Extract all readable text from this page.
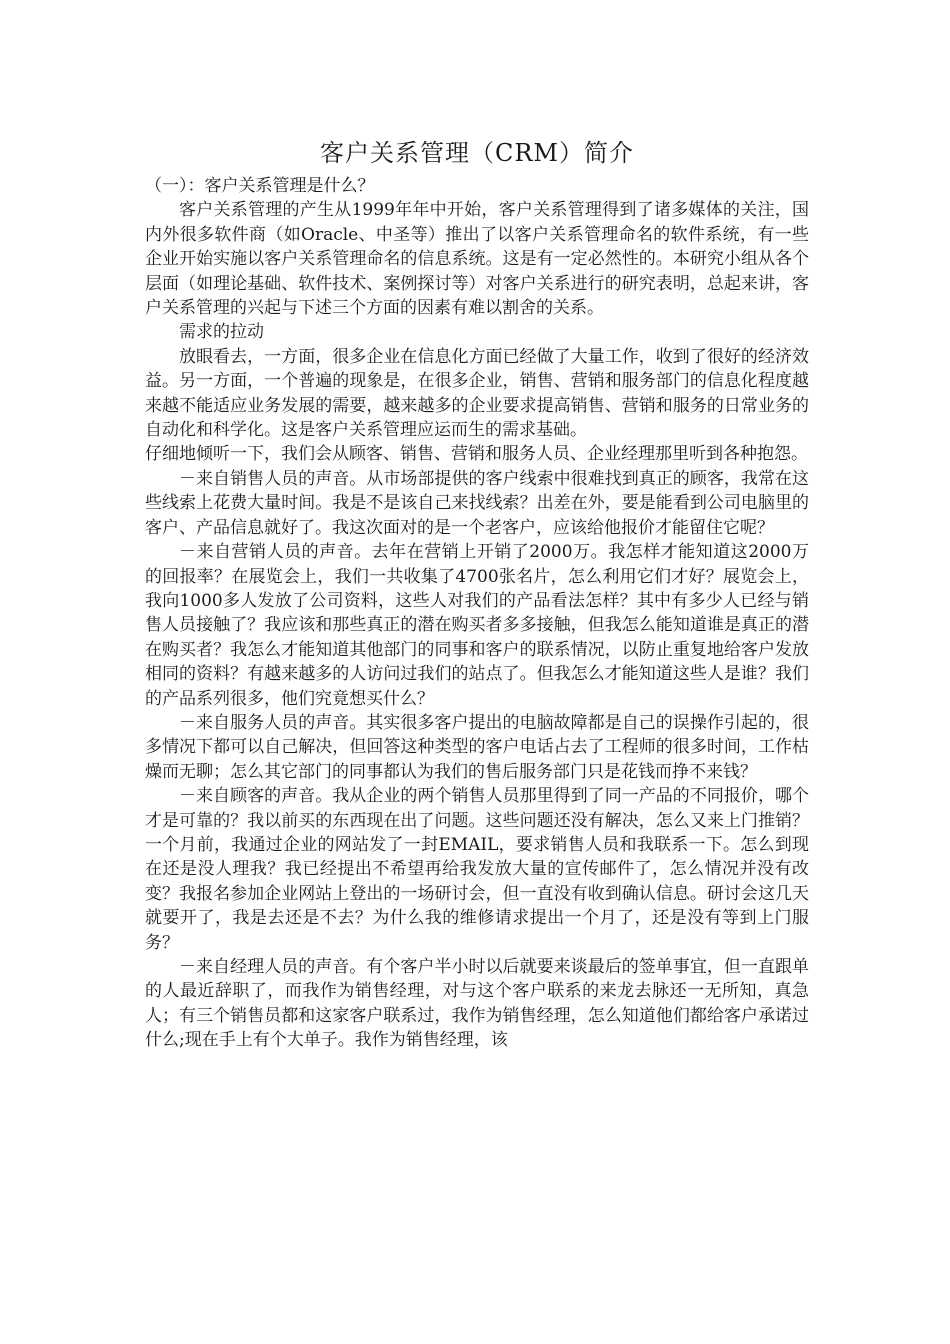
客户关系管理（CRM）简介

（一）：客户关系管理是什么？

客户关系管理的产生从1999年年中开始，客户关系管理得到了诸多媒体的关注，国内外很多软件商（如Oracle、中圣等）推出了以客户关系管理命名的软件系统，有一些企业开始实施以客户关系管理命名的信息系统。这是有一定必然性的。本研究小组从各个层面（如理论基础、软件技术、案例探讨等）对客户关系进行的研究表明，总起来讲，客户关系管理的兴起与下述三个方面的因素有难以割舍的关系。

需求的拉动

放眼看去，一方面，很多企业在信息化方面已经做了大量工作，收到了很好的经济效益。另一方面，一个普遍的现象是，在很多企业，销售、营销和服务部门的信息化程度越来越不能适应业务发展的需要，越来越多的企业要求提高销售、营销和服务的日常业务的自动化和科学化。这是客户关系管理应运而生的需求基础。

仔细地倾听一下，我们会从顾客、销售、营销和服务人员、企业经理那里听到各种抱怨。

－来自销售人员的声音。从市场部提供的客户线索中很难找到真正的顾客，我常在这些线索上花费大量时间。我是不是该自己来找线索？出差在外，要是能看到公司电脑里的客户、产品信息就好了。我这次面对的是一个老客户，应该给他报价才能留住它呢？

－来自营销人员的声音。去年在营销上开销了2000万。我怎样才能知道这2000万的回报率？在展览会上，我们一共收集了4700张名片，怎么利用它们才好？展览会上，我向1000多人发放了公司资料，这些人对我们的产品看法怎样？其中有多少人已经与销售人员接触了？我应该和那些真正的潜在购买者多多接触，但我怎么能知道谁是真正的潜在购买者？我怎么才能知道其他部门的同事和客户的联系情况，以防止重复地给客户发放相同的资料？有越来越多的人访问过我们的站点了。但我怎么才能知道这些人是谁？我们的产品系列很多，他们究竟想买什么？

－来自服务人员的声音。其实很多客户提出的电脑故障都是自己的误操作引起的，很多情况下都可以自己解决，但回答这种类型的客户电话占去了工程师的很多时间，工作枯燥而无聊；怎么其它部门的同事都认为我们的售后服务部门只是花钱而挣不来钱？

－来自顾客的声音。我从企业的两个销售人员那里得到了同一产品的不同报价，哪个才是可靠的？我以前买的东西现在出了问题。这些问题还没有解决，怎么又来上门推销？一个月前，我通过企业的网站发了一封EMAIL，要求销售人员和我联系一下。怎么到现在还是没人理我？我已经提出不希望再给我发放大量的宣传邮件了，怎么情况并没有改变？我报名参加企业网站上登出的一场研讨会，但一直没有收到确认信息。研讨会这几天就要开了，我是去还是不去？为什么我的维修请求提出一个月了，还是没有等到上门服务？

－来自经理人员的声音。有个客户半小时以后就要来谈最后的签单事宜，但一直跟单的人最近辞职了，而我作为销售经理，对与这个客户联系的来龙去脉还一无所知，真急人；有三个销售员都和这家客户联系过，我作为销售经理，怎么知道他们都给客户承诺过什么;现在手上有个大单子。我作为销售经理，该
